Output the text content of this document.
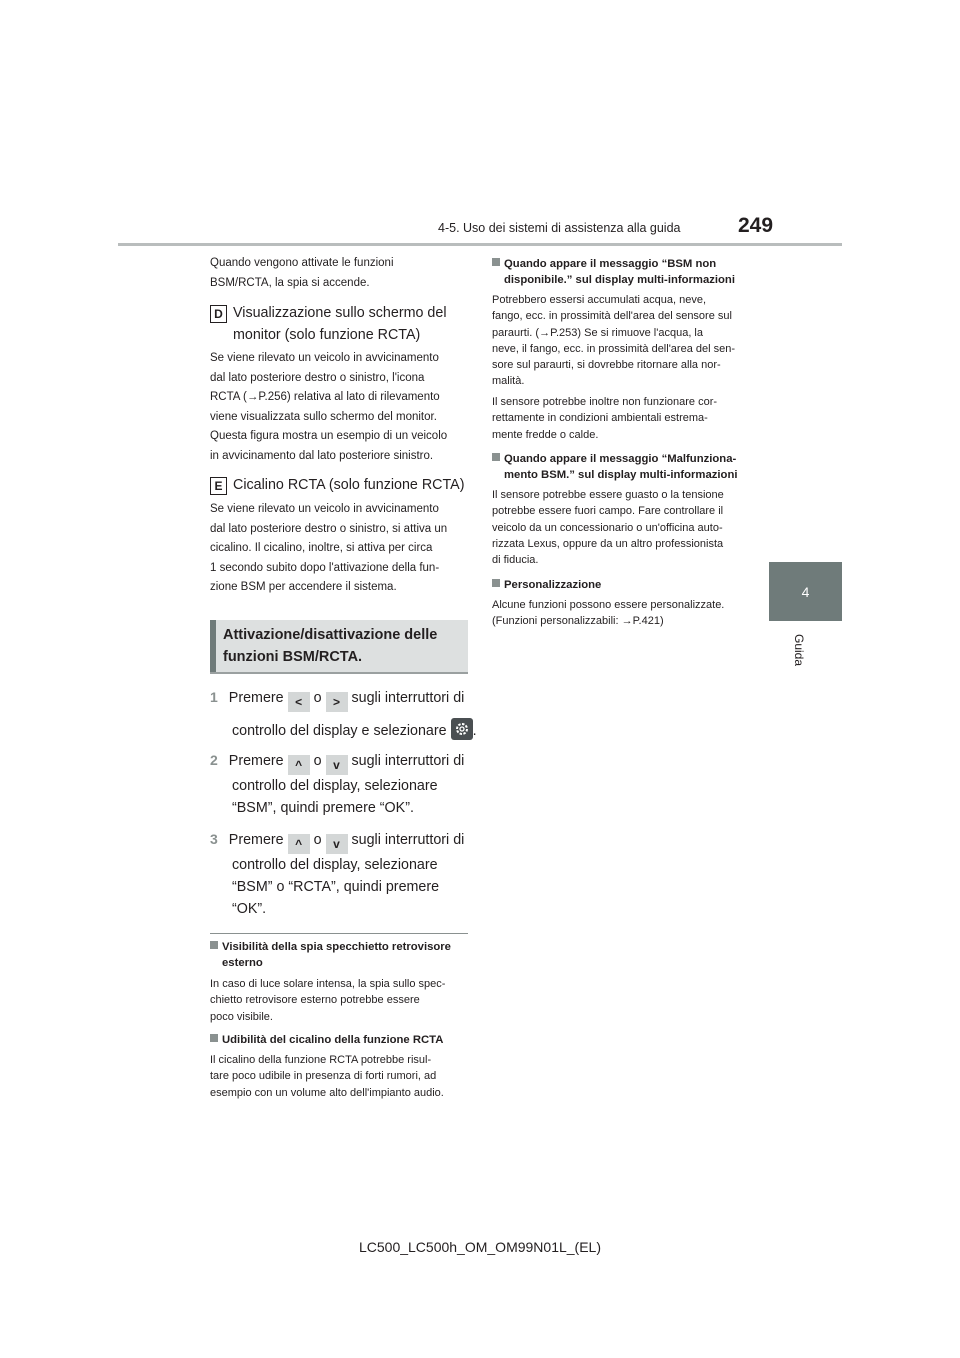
4-5. Uso dei sistemi di assistenza alla guida	249
4
Guida
Quando vengono attivate le funzioni
BSM/RCTA, la spia si accende.
D Visualizzazione sullo schermo del
monitor (solo funzione RCTA)
Se viene rilevato un veicolo in avvicinamento
dal lato posteriore destro o sinistro, l'icona
RCTA (→P.256) relativa al lato di rilevamento
viene visualizzata sullo schermo del monitor.
Questa figura mostra un esempio di un veicolo
in avvicinamento dal lato posteriore sinistro.
E Cicalino RCTA (solo funzione RCTA)
Se viene rilevato un veicolo in avvicinamento
dal lato posteriore destro o sinistro, si attiva un
cicalino. Il cicalino, inoltre, si attiva per circa
1 secondo subito dopo l'attivazione della fun-
zione BSM per accendere il sistema.
Attivazione/disattivazione delle
funzioni BSM/RCTA.
1 Premere < o > sugli interruttori di
controllo del display e selezionare .
2 Premere ^ o v sugli interruttori di
controllo del display, selezionare
“BSM”, quindi premere “OK”.
3 Premere ^ o v sugli interruttori di
controllo del display, selezionare
“BSM” o “RCTA”, quindi premere
“OK”.
Visibilità della spia specchietto retrovisore
esterno
In caso di luce solare intensa, la spia sullo spec-
chietto retrovisore esterno potrebbe essere
poco visibile.
Udibilità del cicalino della funzione RCTA
Il cicalino della funzione RCTA potrebbe risul-
tare poco udibile in presenza di forti rumori, ad
esempio con un volume alto dell'impianto audio.
Quando appare il messaggio “BSM non
disponibile.” sul display multi-informazioni
Potrebbero essersi accumulati acqua, neve,
fango, ecc. in prossimità dell'area del sensore sul
paraurti. (→P.253) Se si rimuove l'acqua, la
neve, il fango, ecc. in prossimità dell'area del sen-
sore sul paraurti, si dovrebbe ritornare alla nor-
malità.
Il sensore potrebbe inoltre non funzionare cor-
rettamente in condizioni ambientali estrema-
mente fredde o calde.
Quando appare il messaggio “Malfunziona-
mento BSM.” sul display multi-informazioni
Il sensore potrebbe essere guasto o la tensione
potrebbe essere fuori campo. Fare controllare il
veicolo da un concessionario o un'officina auto-
rizzata Lexus, oppure da un altro professionista
di fiducia.
Personalizzazione
Alcune funzioni possono essere personalizzate.
(Funzioni personalizzabili: →P.421)
LC500_LC500h_OM_OM99N01L_(EL)
